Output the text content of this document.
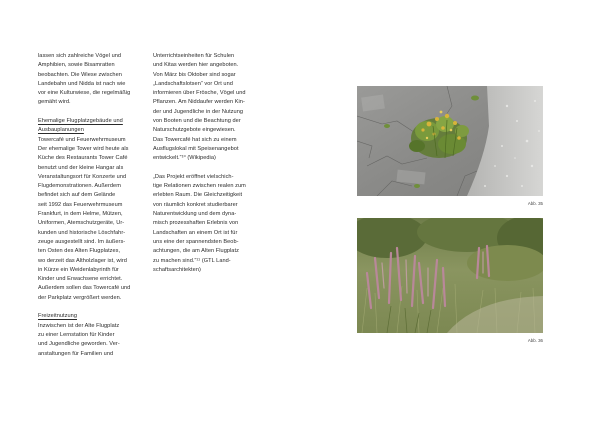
lassen sich zahlreiche Vögel und

Amphibien, sowie Bisamratten

beobachten. Die Wiese zwischen

Landebahn und Nidda ist nach wie

vor eine Kulturwiese, die regelmäßig

gemäht wird.

Ehemalige Flugplatzgebäude und

Ausbauplanungen

Towercafé und Feuerwehrmuseum

Der ehemalige Tower wird heute als

Küche des Restaurants Tower Café

benutzt und der kleine Hangar als

Veranstaltungsort für Konzerte und

Flugdemonstrationen. Außerdem

befindet sich auf dem Gelände

seit 1992 das Feuerwehrmuseum

Frankfurt, in dem Helme, Mützen,

Uniformen, Atemschutzgeräte, Ur-

kunden und historische Löschfahr-

zeuge ausgestellt sind. Im äußers-

ten Osten des Alten Flugplatzes,

wo derzeit das Altholzlager ist, wird

in Kürze ein Weidenlabyrinth für

Kinder und Erwachsene errichtet.

Außerdem sollen das Towercafé und

der Parkplatz vergrößert werden.

Freizeitnutzung

Inzwischen ist der Alte Flugplatz

zu einer Lernstation für Kinder

und Jugendliche geworden. Ver-

anstaltungen für Familien und

Unterrichtseinheiten für Schulen

und Kitas werden hier angeboten.

Von März bis Oktober sind sogar

„Landschaftslotsen“ vor Ort und

informieren über Frösche, Vögel und

Pflanzen. Am Niddaufer werden Kin-

der und Jugendliche in der Nutzung

von Booten und die Beachtung der

Naturschutzgebote eingewiesen.

Das Towercafé hat sich zu einem

Ausflugslokal mit Speisenangebot

entwickelt.“¹⁰ (Wikipedia)

„Das Projekt eröffnet vielschich-

tige Relationen zwischen realen zum

erlebten Raum. Die Gleichzeitigkeit

von räumlich konkret studierbarer

Naturentwicklung und dem dyna-

misch prozesshaften Erlebnis von

Landschaften an einem Ort ist für

uns eine der spannendsten Beob-

achtungen, die am Alten Flugplatz

zu machen sind.“¹¹ (GTL Land-

schaftsarchitekten)

Abb. 35
Abb. 36
